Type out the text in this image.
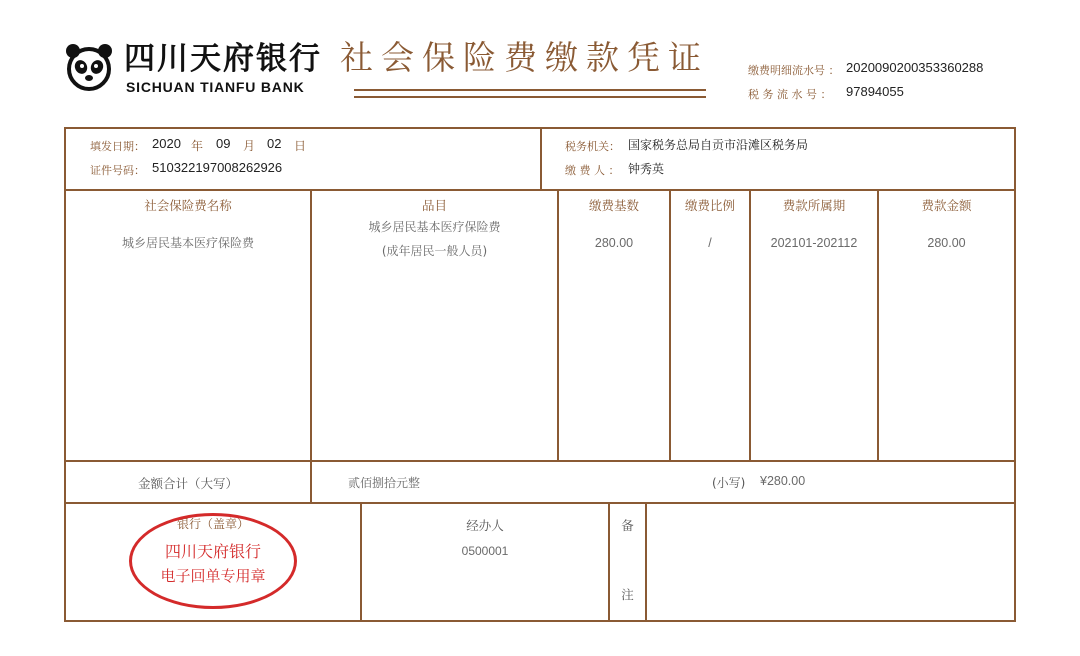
四川天府银行
SICHUAN TIANFU BANK
社会保险费缴款凭证	缴费明细流水号 ： 2020090200353360288
税 务 流 水 号 ： 97894055
填发日期： 2020 年 09 月 02 日
证件号码： 510322197008262926
税务机关： 国家税务总局自贡市沿滩区税务局
缴 费 人 ： 钟秀英
社会保险费名称	品目	缴费基数	缴费比例	费款所属期	费款金额
城乡居民基本医疗保险费
城乡居民基本医疗保险费
(成年居民一般人员)
280.00	/	202101-202112	280.00
金额合计（大写）	贰佰捌拾元整	(小写) ¥280.00
银行（盖章）
四川天府银行
电子回单专用章
经办人
0500001
备
注
